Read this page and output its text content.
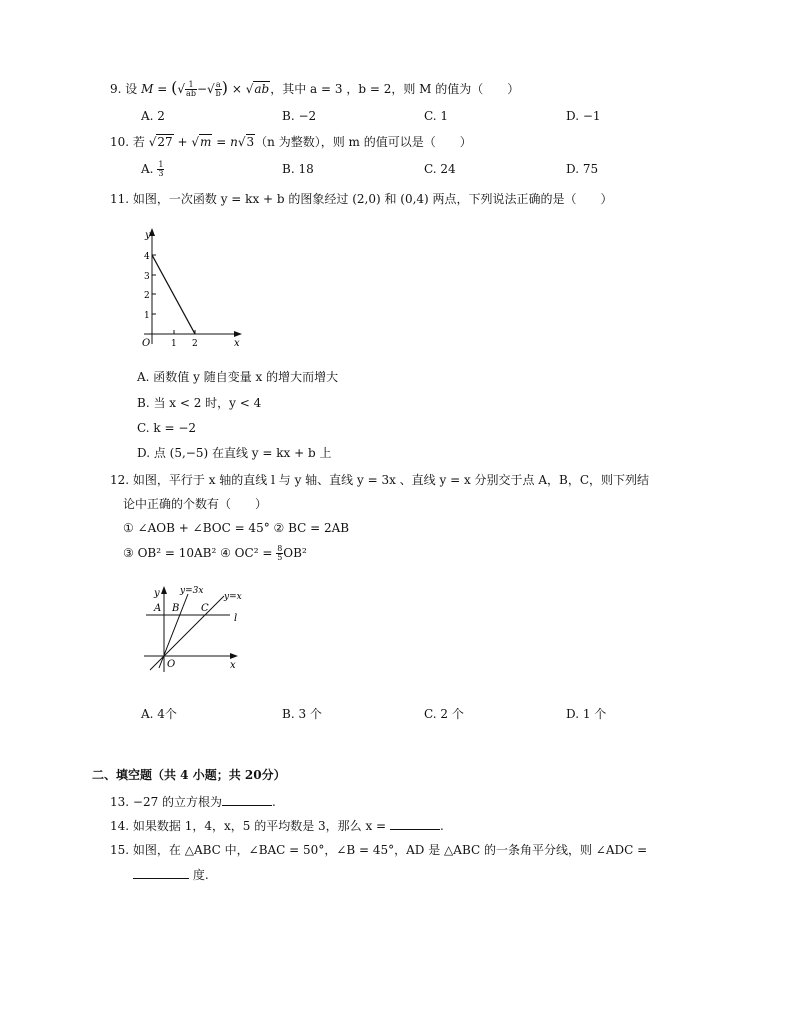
9. 设 M = (√ $\frac{1}{ab}$ −√ $\frac{a}{b}$ ) × √ab，其中 a = 3 ，b = 2，则 M 的值为（　　）
A. 2	B. −2	C. 1	D. −1
10. 若 √27 + √m = n√3（n 为整数），则 m 的值可以是（　　）
A. $\frac{1}{3}$	B. 18	C. 24	D. 75
11. 如图，一次函数 y = kx + b 的图象经过 (2,0) 和 (0,4) 两点，下列说法正确的是（　　）
y
x
O
1
2
3
4
1 2
A. 函数值 y 随自变量 x 的增大而增大
B. 当 x < 2 时，y < 4
C. k = −2
D. 点 (5,−5) 在直线 y = kx + b 上
12. 如图，平行于 x 轴的直线 l 与 y 轴、直线 y = 3x 、直线 y = x 分别交于点 A，B，C，则下列结
论中正确的个数有（　　）
① ∠AOB + ∠BOC = 45° ② BC = 2AB
③ OB² = 10AB² ④ $OC^2 = \frac{8}{5} OB^2$
y
x
O
y=3x
y=x
l
A B C
A. 4个	B. 3 个	C. 2 个	D. 1 个
二、填空题（共 4 小题；共 20分）
13. −27 的立方根为	.
14. 如果数据 1，4，x，5 的平均数是 3，那么 x =	.
15. 如图，在 △ABC 中，∠BAC = 50°，∠B = 45°，AD 是 △ABC 的一条角平分线，则 ∠ADC =
度.
